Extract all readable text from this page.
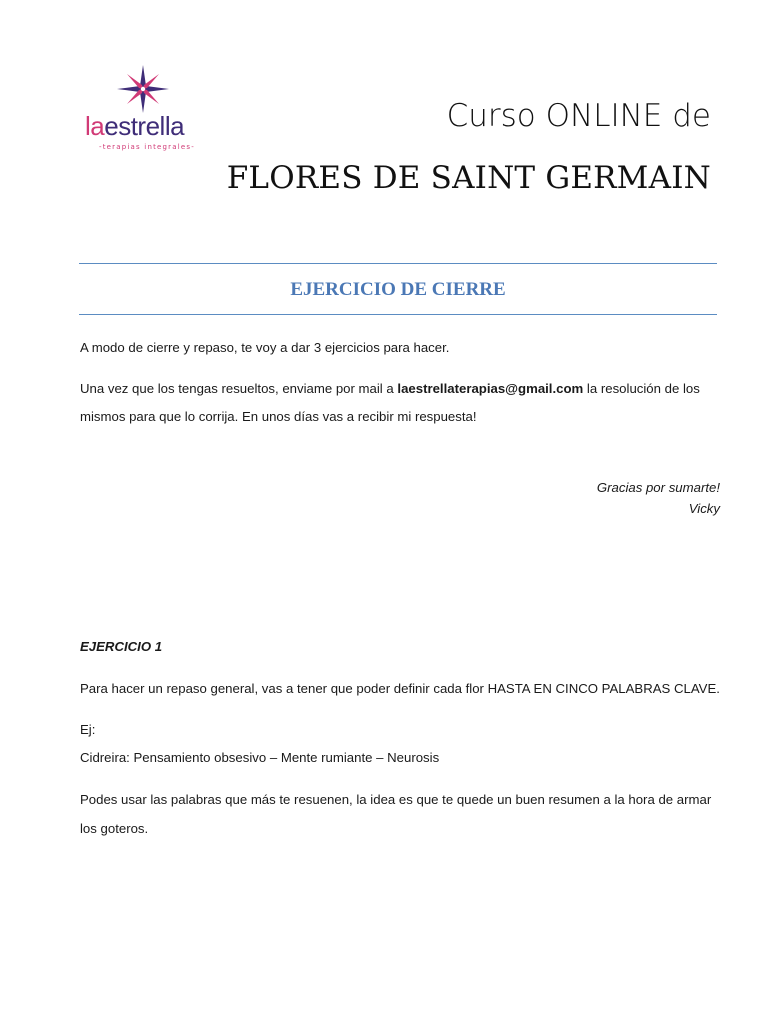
laestrella
-terapias integrales-
Curso ONLINE de
FLORES DE SAINT GERMAIN
EJERCICIO DE CIERRE
A modo de cierre y repaso, te voy a dar 3 ejercicios para hacer.
Una vez que los tengas resueltos, enviame por mail a laestrellaterapias@gmail.com la resolución de los
mismos para que lo corrija. En unos días vas a recibir mi respuesta!
Gracias por sumarte!
Vicky
EJERCICIO 1
Para hacer un repaso general, vas a tener que poder definir cada flor HASTA EN CINCO PALABRAS CLAVE.
Ej:
Cidreira: Pensamiento obsesivo – Mente rumiante – Neurosis
Podes usar las palabras que más te resuenen, la idea es que te quede un buen resumen a la hora de armar
los goteros.
